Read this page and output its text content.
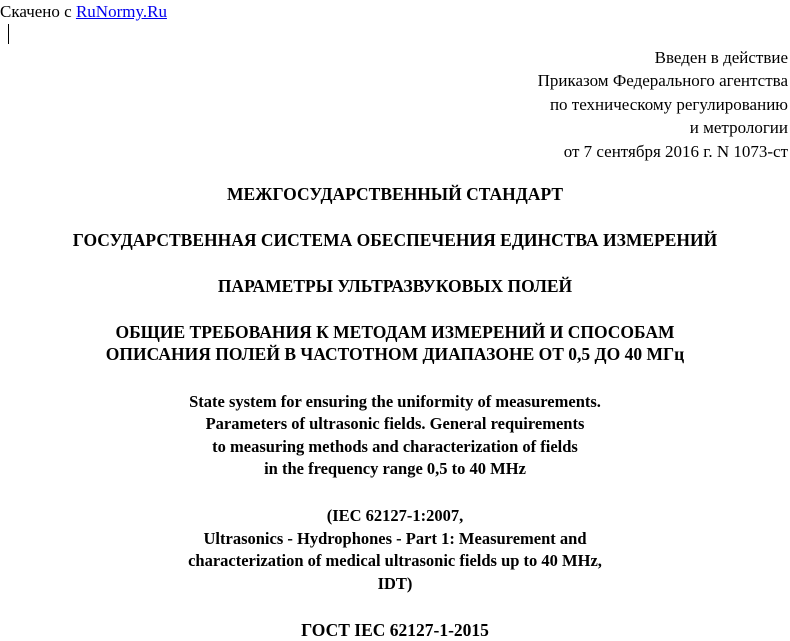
Скачено с RuNormy.Ru
Введен в действие
Приказом Федерального агентства
по техническому регулированию
и метрологии
от 7 сентября 2016 г. N 1073-ст
МЕЖГОСУДАРСТВЕННЫЙ СТАНДАРТ
ГОСУДАРСТВЕННАЯ СИСТЕМА ОБЕСПЕЧЕНИЯ ЕДИНСТВА ИЗМЕРЕНИЙ
ПАРАМЕТРЫ УЛЬТРАЗВУКОВЫХ ПОЛЕЙ
ОБЩИЕ ТРЕБОВАНИЯ К МЕТОДАМ ИЗМЕРЕНИЙ И СПОСОБАМ
ОПИСАНИЯ ПОЛЕЙ В ЧАСТОТНОМ ДИАПАЗОНЕ ОТ 0,5 ДО 40 МГц
State system for ensuring the uniformity of measurements.
Parameters of ultrasonic fields. General requirements
to measuring methods and characterization of fields
in the frequency range 0,5 to 40 MHz
(IEC 62127-1:2007,
Ultrasonics - Hydrophones - Part 1: Measurement and
characterization of medical ultrasonic fields up to 40 MHz,
IDT)
ГОСТ IEC 62127-1-2015
